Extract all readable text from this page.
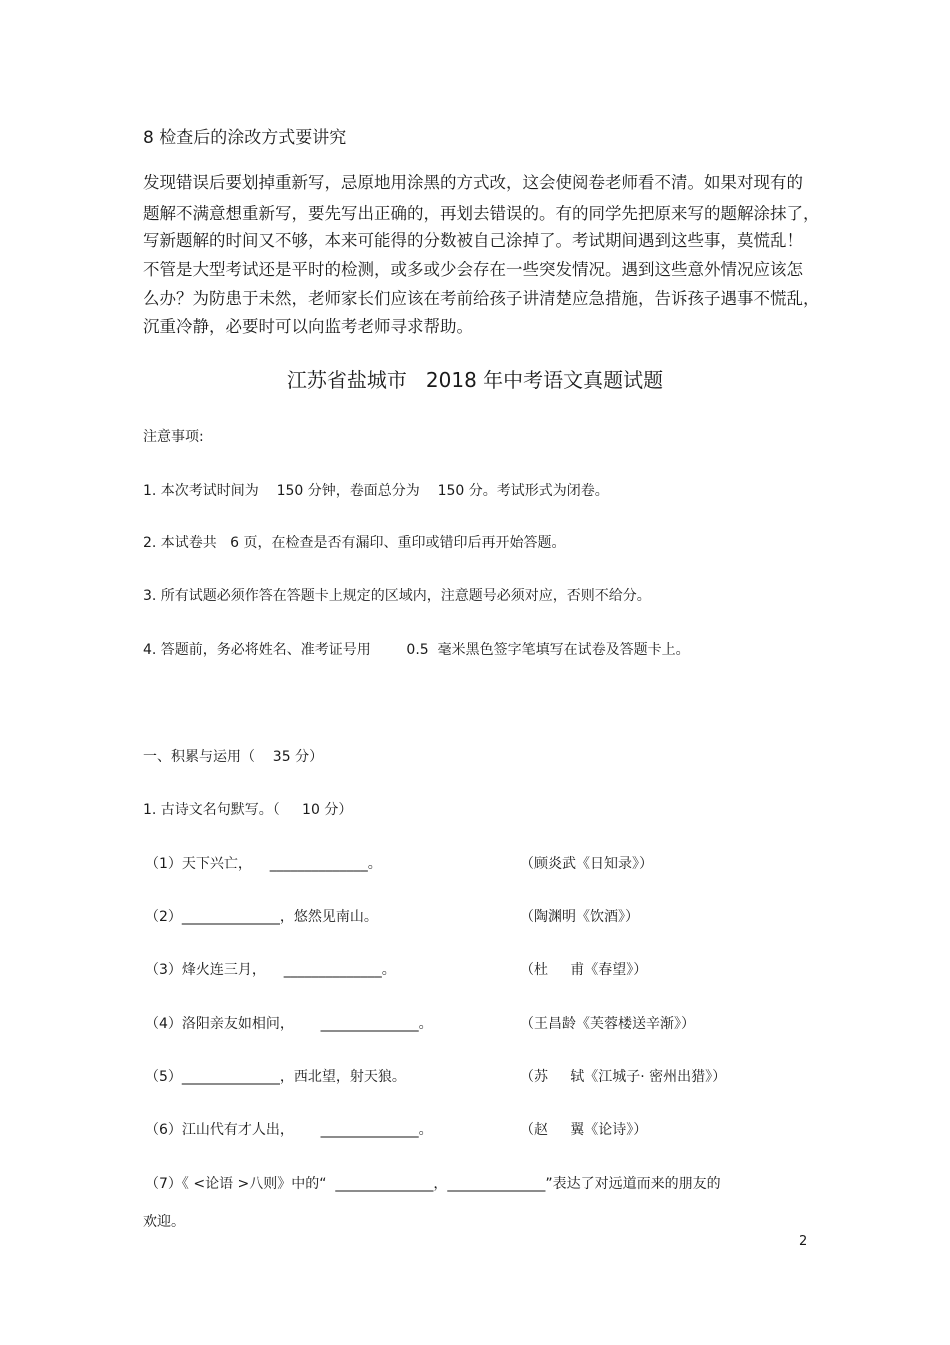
8 检查后的涂改方式要讲究
发现错误后要划掉重新写，忌原地用涂黑的方式改，这会使阅卷老师看不清。如果对现有的
题解不满意想重新写，要先写出正确的，再划去错误的。有的同学先把原来写的题解涂抹了，
写新题解的时间又不够，本来可能得的分数被自己涂掉了。考试期间遇到这些事，莫慌乱！
不管是大型考试还是平时的检测，或多或少会存在一些突发情况。遇到这些意外情况应该怎
么办？为防患于未然，老师家长们应该在考前给孩子讲清楚应急措施，告诉孩子遇事不慌乱，
沉重冷静，必要时可以向监考老师寻求帮助。
江苏省盐城市   2018 年中考语文真题试题
注意事项:
1. 本次考试时间为    150 分钟，卷面总分为    150 分。考试形式为闭卷。
2. 本试卷共   6 页，在检查是否有漏印、重印或错印后再开始答题。
3. 所有试题必须作答在答题卡上规定的区域内，注意题号必须对应，否则不给分。
4. 答题前，务必将姓名、准考证号用        0.5  毫米黑色签字笔填写在试卷及答题卡上。
一、积累与运用（    35 分）
1. 古诗文名句默写。（     10 分）
（1）天下兴亡，    ______________。	（顾炎武《日知录》）
（2）______________，悠然见南山。	（陶渊明《饮酒》）
（3）烽火连三月，    ______________。	（杜     甫《春望》）
（4）洛阳亲友如相问，      ______________。	（王昌龄《芙蓉楼送辛渐》）
（5）______________，西北望，射天狼。	（苏     轼《江城子· 密州出猎》）
（6）江山代有才人出，      ______________。	（赵     翼《论诗》）
（7）《 <论语 >八则》中的“  ______________，______________”表达了对远道而来的朋友的
欢迎。
2
